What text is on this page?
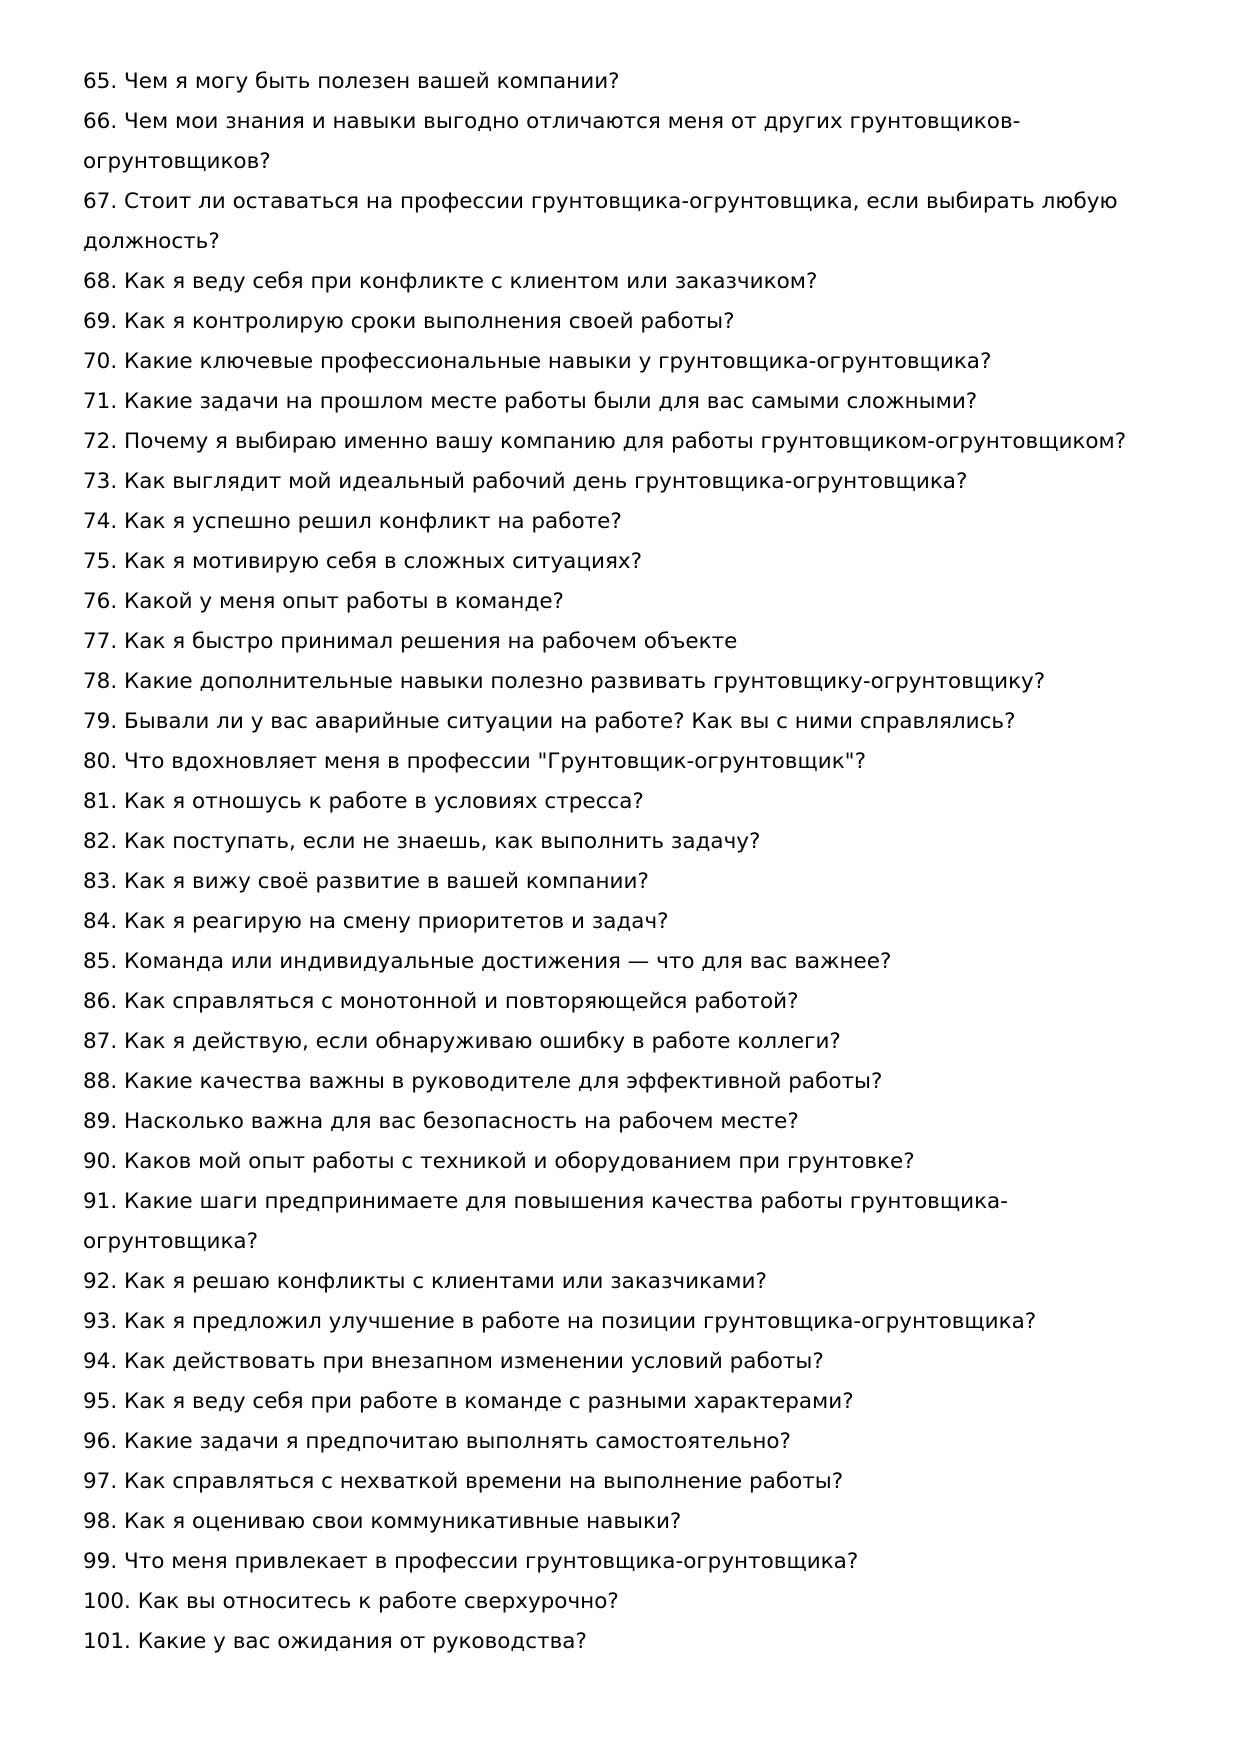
65. Чем я могу быть полезен вашей компании?
66. Чем мои знания и навыки выгодно отличаются меня от других грунтовщиков-огрунтовщиков?
67. Стоит ли оставаться на профессии грунтовщика-огрунтовщика, если выбирать любую должность?
68. Как я веду себя при конфликте с клиентом или заказчиком?
69. Как я контролирую сроки выполнения своей работы?
70. Какие ключевые профессиональные навыки у грунтовщика-огрунтовщика?
71. Какие задачи на прошлом месте работы были для вас самыми сложными?
72. Почему я выбираю именно вашу компанию для работы грунтовщиком-огрунтовщиком?
73. Как выглядит мой идеальный рабочий день грунтовщика-огрунтовщика?
74. Как я успешно решил конфликт на работе?
75. Как я мотивирую себя в сложных ситуациях?
76. Какой у меня опыт работы в команде?
77. Как я быстро принимал решения на рабочем объекте
78. Какие дополнительные навыки полезно развивать грунтовщику-огрунтовщику?
79. Бывали ли у вас аварийные ситуации на работе? Как вы с ними справлялись?
80. Что вдохновляет меня в профессии "Грунтовщик-огрунтовщик"?
81. Как я отношусь к работе в условиях стресса?
82. Как поступать, если не знаешь, как выполнить задачу?
83. Как я вижу своё развитие в вашей компании?
84. Как я реагирую на смену приоритетов и задач?
85. Команда или индивидуальные достижения — что для вас важнее?
86. Как справляться с монотонной и повторяющейся работой?
87. Как я действую, если обнаруживаю ошибку в работе коллеги?
88. Какие качества важны в руководителе для эффективной работы?
89. Насколько важна для вас безопасность на рабочем месте?
90. Каков мой опыт работы с техникой и оборудованием при грунтовке?
91. Какие шаги предпринимаете для повышения качества работы грунтовщика-огрунтовщика?
92. Как я решаю конфликты с клиентами или заказчиками?
93. Как я предложил улучшение в работе на позиции грунтовщика-огрунтовщика?
94. Как действовать при внезапном изменении условий работы?
95. Как я веду себя при работе в команде с разными характерами?
96. Какие задачи я предпочитаю выполнять самостоятельно?
97. Как справляться с нехваткой времени на выполнение работы?
98. Как я оцениваю свои коммуникативные навыки?
99. Что меня привлекает в профессии грунтовщика-огрунтовщика?
100. Как вы относитесь к работе сверхурочно?
101. Какие у вас ожидания от руководства?
